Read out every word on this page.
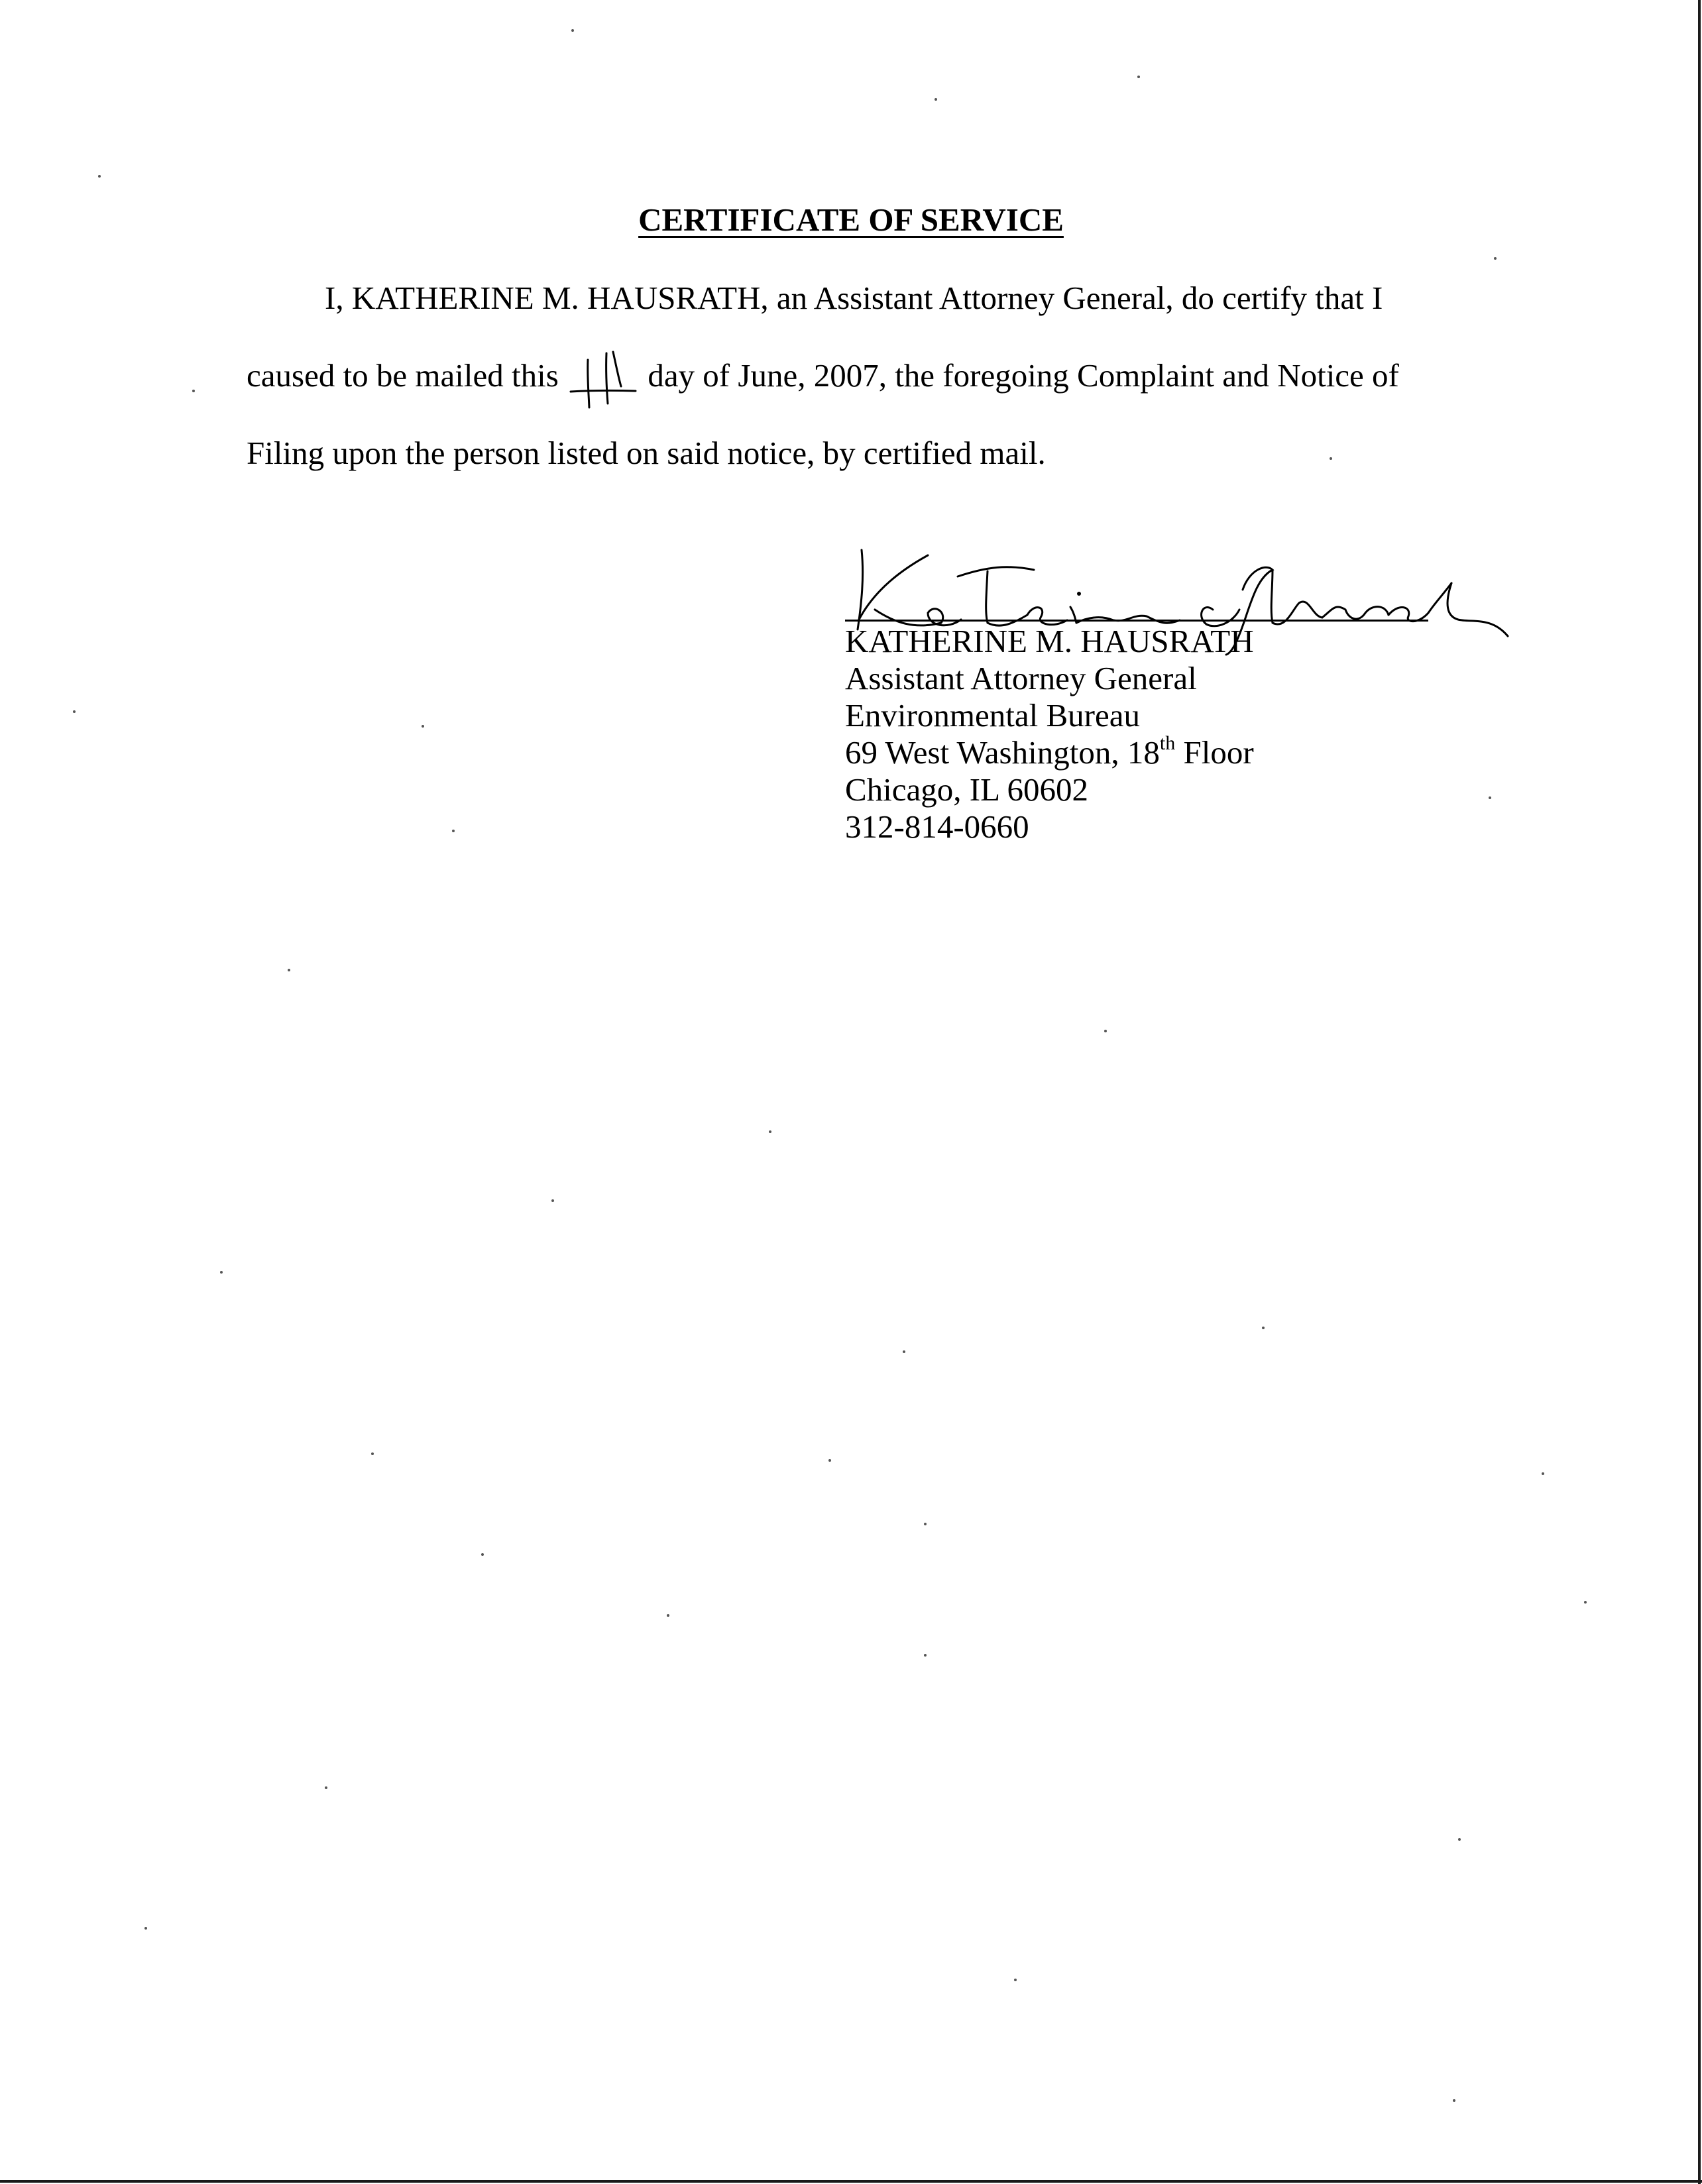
CERTIFICATE OF SERVICE
I, KATHERINE M. HAUSRATH, an Assistant Attorney General, do certify that I
caused to be mailed this
day of June, 2007, the foregoing Complaint and Notice of
Filing upon the person listed on said notice, by certified mail.
KATHERINE M. HAUSRATH
Assistant Attorney General
Environmental Bureau
69 West Washington, 18th Floor
Chicago, IL 60602
312-814-0660
